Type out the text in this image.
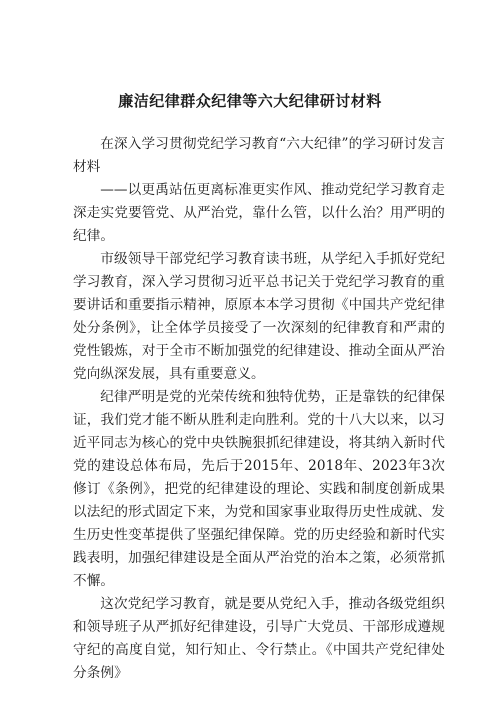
廉洁纪律群众纪律等六大纪律研讨材料

在深入学习贯彻党纪学习教育“六大纪律”的学习研讨发言材料

——以更禹站伍更离标准更实作风、推动党纪学习教育走深走实党要管党、从严治党，靠什么管，以什么治？用严明的纪律。

市级领导干部党纪学习教育读书班，从学纪入手抓好党纪学习教育，深入学习贯彻习近平总书记关于党纪学习教育的重要讲话和重要指示精神，原原本本学习贯彻《中国共产党纪律处分条例》，让全体学员接受了一次深刻的纪律教育和严肃的党性锻炼，对于全市不断加强党的纪律建设、推动全面从严治党向纵深发展，具有重要意义。

纪律严明是党的光荣传统和独特优势，正是靠铁的纪律保证，我们党才能不断从胜利走向胜利。党的十八大以来，以习近平同志为核心的党中央铁腕狠抓纪律建设，将其纳入新时代党的建设总体布局，先后于2015年、2018年、2023年3次修订《条例》，把党的纪律建设的理论、实践和制度创新成果以法纪的形式固定下来，为党和国家事业取得历史性成就、发生历史性变革提供了坚强纪律保障。党的历史经验和新时代实践表明，加强纪律建设是全面从严治党的治本之策，必须常抓不懈。

这次党纪学习教育，就是要从党纪入手，推动各级党组织和领导班子从严抓好纪律建设，引导广大党员、干部形成遵规守纪的高度自觉，知行知止、令行禁止。《中国共产党纪律处分条例》
